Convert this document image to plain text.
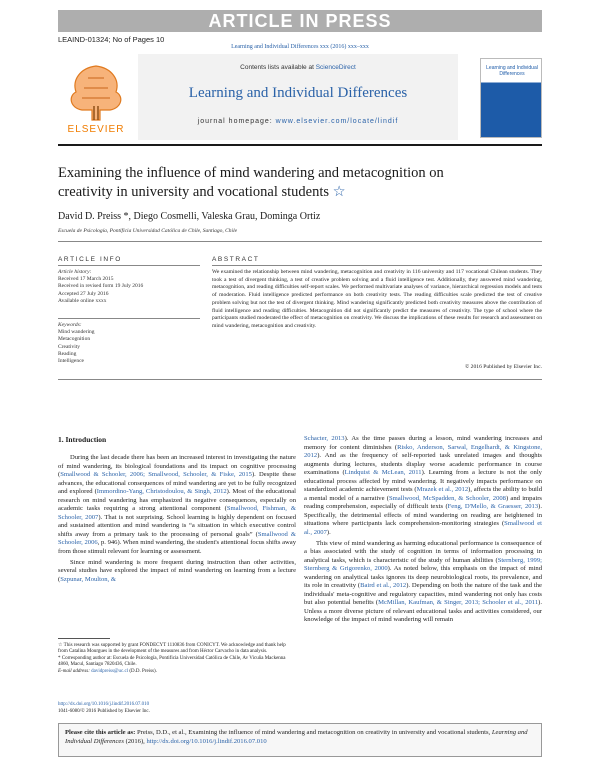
ARTICLE IN PRESS
LEAIND-01324; No of Pages 10
Learning and Individual Differences xxx (2016) xxx–xxx
ELSEVIER
Contents lists available at ScienceDirect
Learning and Individual Differences
journal homepage: www.elsevier.com/locate/lindif
Learning and Individual Differences
Examining the influence of mind wandering and metacognition on creativity in university and vocational students ☆
David D. Preiss *, Diego Cosmelli, Valeska Grau, Dominga Ortiz
Escuela de Psicología, Pontificia Universidad Católica de Chile, Santiago, Chile
ARTICLE INFO
Article history:
Received 17 March 2015
Received in revised form 19 July 2016
Accepted 27 July 2016
Available online xxxx
Keywords:
Mind wandering
Metacognition
Creativity
Reading
Intelligence
ABSTRACT
We examined the relationship between mind wandering, metacognition and creativity in 116 university and 117 vocational Chilean students. They took a test of divergent thinking, a test of creative problem solving and a fluid intelligence test. Additionally, they answered mind wandering, metacognition, and reading difficulties self-report scales. We performed multivariate analyses of variance, hierarchical regression models and tests of moderation. Fluid intelligence predicted performance on both creativity tests. The reading difficulties scale predicted the test of creative problem solving but not the test of divergent thinking. Mind wandering significantly predicted both creativity measures above the contribution of fluid intelligence and reading difficulties. Metacognition did not significantly predict the measures of creativity. The type of school where the participants studied moderated the effect of metacognition on creativity. We discuss the implications of these results for research and assessment on mind wandering, metacognition and creativity.
© 2016 Published by Elsevier Inc.
1. Introduction

During the last decade there has been an increased interest in investigating the nature of mind wandering, its biological foundations and its impact on cognitive processing (Smallwood & Schooler, 2006; Smallwood, Schooler, & Fiske, 2015). Despite these advances, the educational consequences of mind wandering are yet to be fully recognized and explored (Immordino-Yang, Christodoulou, & Singh, 2012). Most of the educational research on mind wandering has emphasized its negative consequences, especially on academic tasks requiring a strong attentional component (Smallwood, Fishman, & Schooler, 2007). That is not surprising. School learning is highly dependent on focused and sustained attention and mind wandering is “a situation in which executive control shifts away from a primary task to the processing of personal goals” (Smallwood & Schooler, 2006, p. 946). When mind wandering, the student's attentional focus shifts away from those stimuli relevant for learning or assessment.

Since mind wandering is more frequent during instruction than other activities, several studies have explored the impact of mind wandering on learning from a lecture (Szpunar, Moulton, &

Schacter, 2013). As the time passes during a lesson, mind wandering increases and memory for content diminishes (Risko, Anderson, Sarwal, Engelhardt, & Kingstone, 2012). And as the frequency of self-reported task unrelated images and thoughts augments during lectures, students display worse academic performance in course examinations (Lindquist & McLean, 2011). Learning from a lecture is not the only educational process affected by mind wandering. It negatively impacts performance on standardized academic achievement tests (Mrazek et al., 2012), affects the ability to build a mental model of a narrative (Smallwood, McSpadden, & Schooler, 2008) and impairs reading comprehension, especially of difficult texts (Feng, D'Mello, & Graesser, 2013). Specifically, the detrimental effects of mind wandering on reading are heightened in situations where participants lack comprehension-monitoring strategies (Smallwood et al., 2007).

This view of mind wandering as harming educational performance is consequence of a bias associated with the study of cognition in terms of information processing in analytical tasks, which is characteristic of the study of human abilities (Sternberg, 1999; Sternberg & Grigorenko, 2000). As noted below, this emphasis on the impact of mind wandering on analytical tasks ignores its deep neurobiological roots, its prevalence, and its role in creativity (Baird et al., 2012). Depending on both the nature of the task and the individuals' meta-cognitive and regulatory capacities, mind wandering not only has costs but also potential benefits (McMillan, Kaufman, & Singer, 2013; Schooler et al., 2011). Unless a more diverse picture of relevant educational tasks and activities considered, our knowledge of the impact of mind wandering will remain

☆ This research was supported by grant FONDECYT 1110836 from CONICYT. We acknowledge and thank help from Catalina Mourgues in the development of the measures and from Héctor Carvacho in data analysis.
* Corresponding author at: Escuela de Psicología, Pontificia Universidad Católica de Chile, Av Vicuña Mackenna 4860, Macul, Santiago 7820436, Chile.
E-mail address: davidpreiss@uc.cl (D.D. Preiss).
http://dx.doi.org/10.1016/j.lindif.2016.07.010
1041-6080/© 2016 Published by Elsevier Inc.
Please cite this article as: Preiss, D.D., et al., Examining the influence of mind wandering and metacognition on creativity in university and vocational students, Learning and Individual Differences (2016), http://dx.doi.org/10.1016/j.lindif.2016.07.010
